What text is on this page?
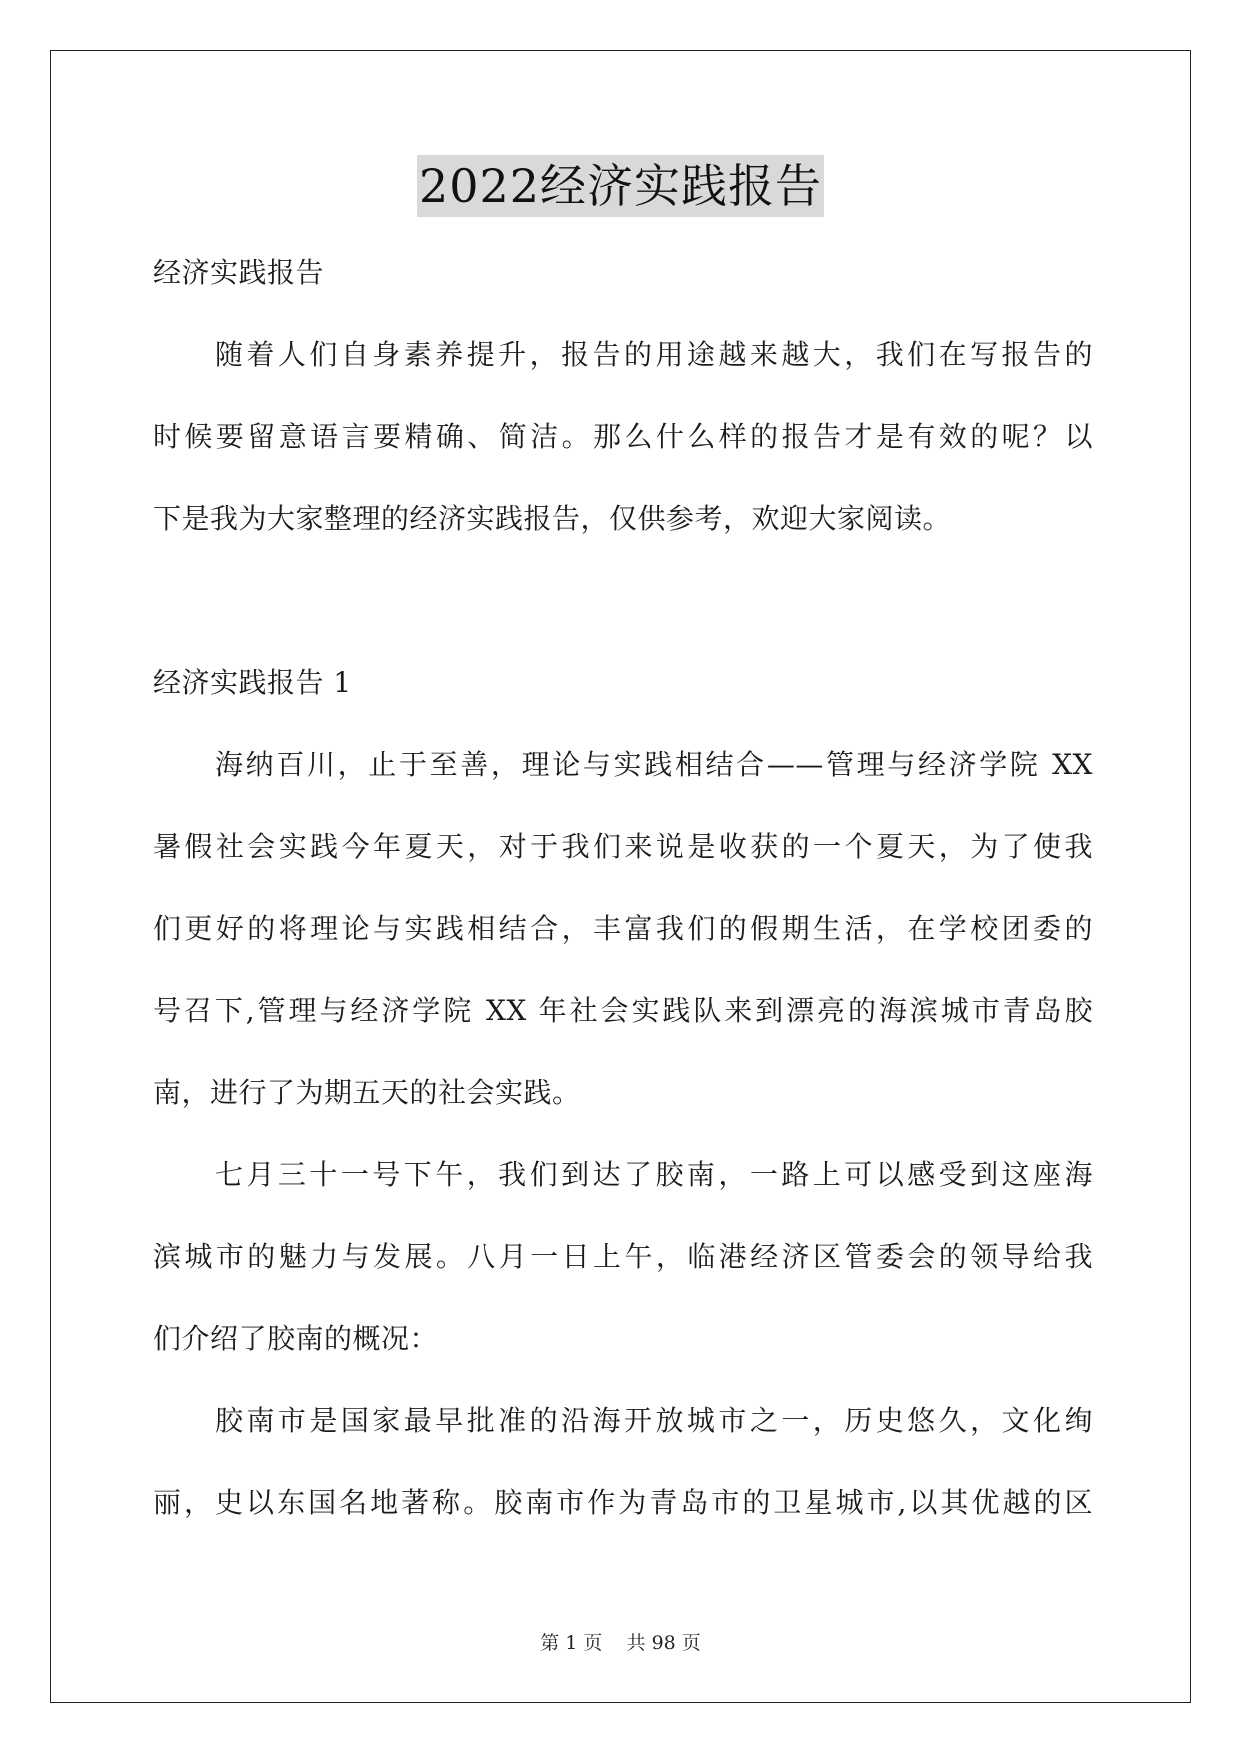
2022经济实践报告

经济实践报告

随着人们自身素养提升，报告的用途越来越大，我们在写报告的

时候要留意语言要精确、简洁。那么什么样的报告才是有效的呢？以

下是我为大家整理的经济实践报告，仅供参考，欢迎大家阅读。

经济实践报告 1

海纳百川，止于至善，理论与实践相结合——管理与经济学院 XX

暑假社会实践今年夏天，对于我们来说是收获的一个夏天，为了使我

们更好的将理论与实践相结合，丰富我们的假期生活，在学校团委的

号召下,管理与经济学院 XX 年社会实践队来到漂亮的海滨城市青岛胶

南，进行了为期五天的社会实践。

七月三十一号下午，我们到达了胶南，一路上可以感受到这座海

滨城市的魅力与发展。八月一日上午，临港经济区管委会的领导给我

们介绍了胶南的概况：

胶南市是国家最早批准的沿海开放城市之一，历史悠久，文化绚

丽，史以东国名地著称。胶南市作为青岛市的卫星城市,以其优越的区

第 1 页    共 98 页
